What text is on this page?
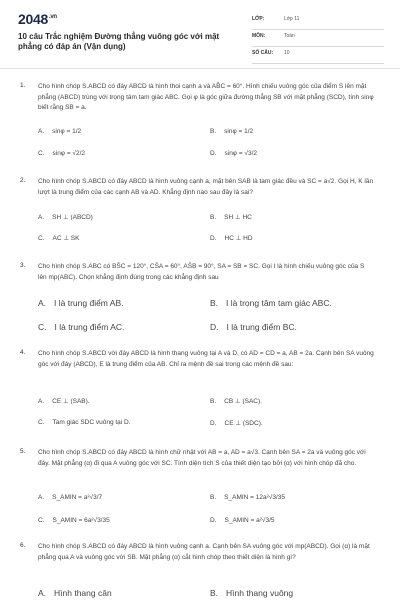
$2048^{.vn}$
10 câu Trắc nghiệm Đường thẳng vuông góc với mặt phẳng có đáp án (Vận dụng)
LỚP:	Lớp 11
MÔN:	Toán
SỐ CÂU: 10
1. Cho hình chóp S.ABCD có đáy ABCD là hình thoi cạnh a và AB̂C = 60°. Hình chiếu vuông góc của điểm S lên mặt phẳng (ABCD) trùng với trọng tâm tam giác ABC. Gọi φ là góc giữa đường thẳng SB với mặt phẳng (SCD), tính sinφ biết rằng SB = a.
A. sinφ = 1/2	B. sinφ = 1/2
C. sinφ = √2/2	D. sinφ = √3/2
2. Cho hình chóp S.ABCD có đáy ABCD là hình vuông cạnh a, mặt bên SAB là tam giác đều và SC = a√2. Gọi H, K lần lượt là trung điểm của các cạnh AB và AD. Khẳng định nào sau đây là sai?
A. SH ⊥ (ABCD)	B. SH ⊥ HC
C. AC ⊥ SK	D. HC ⊥ HD
3. Cho hình chóp S.ABC có BŜC = 120°, CŜA = 60°, AŜB = 90°, SA = SB = SC. Gọi I là hình chiếu vuông góc của S lên mp(ABC). Chọn khẳng định đúng trong các khẳng định sau
A. I là trung điểm AB.	B. I là trọng tâm tam giác ABC.
C. I là trung điểm AC.	D. I là trung điểm BC.
4. Cho hình chóp S.ABCD với đáy ABCD là hình thang vuông tại A và D, có AD = CD = a, AB = 2a. Cạnh bên SA vuông góc với đáy (ABCD), E là trung điểm của AB. Chỉ ra mệnh đề sai trong các mệnh đề sau:
A. CE ⊥ (SAB).	B. CB ⊥ (SAC).
C. Tam giác SDC vuông tại D.	D. CE ⊥ (SDC).
5. Cho hình chóp S.ABCD có đáy ABCD là hình chữ nhật với AB = a, AD = a√3. Cạnh bên SA = 2a và vuông góc với đáy. Mặt phẳng (α) đi qua A vuông góc với SC. Tính diện tích S của thiết diện tạo bởi (α) với hình chóp đã cho.
A. S_AMIN = a²√3/7	B. S_AMIN = 12a²√3/35
C. S_AMIN = 6a²√3/35	D. S_AMIN = a²√3/5
6. Cho hình chóp S.ABCD có đáy ABCD là hình vuông cạnh a. Cạnh bên SA vuông góc với mp(ABCD). Gọi (α) là mặt phẳng qua A và vuông góc với SB. Mặt phẳng (α) cắt hình chóp theo thiết diện là hình gì?
A. Hình thang cân	B. Hình thang vuông
